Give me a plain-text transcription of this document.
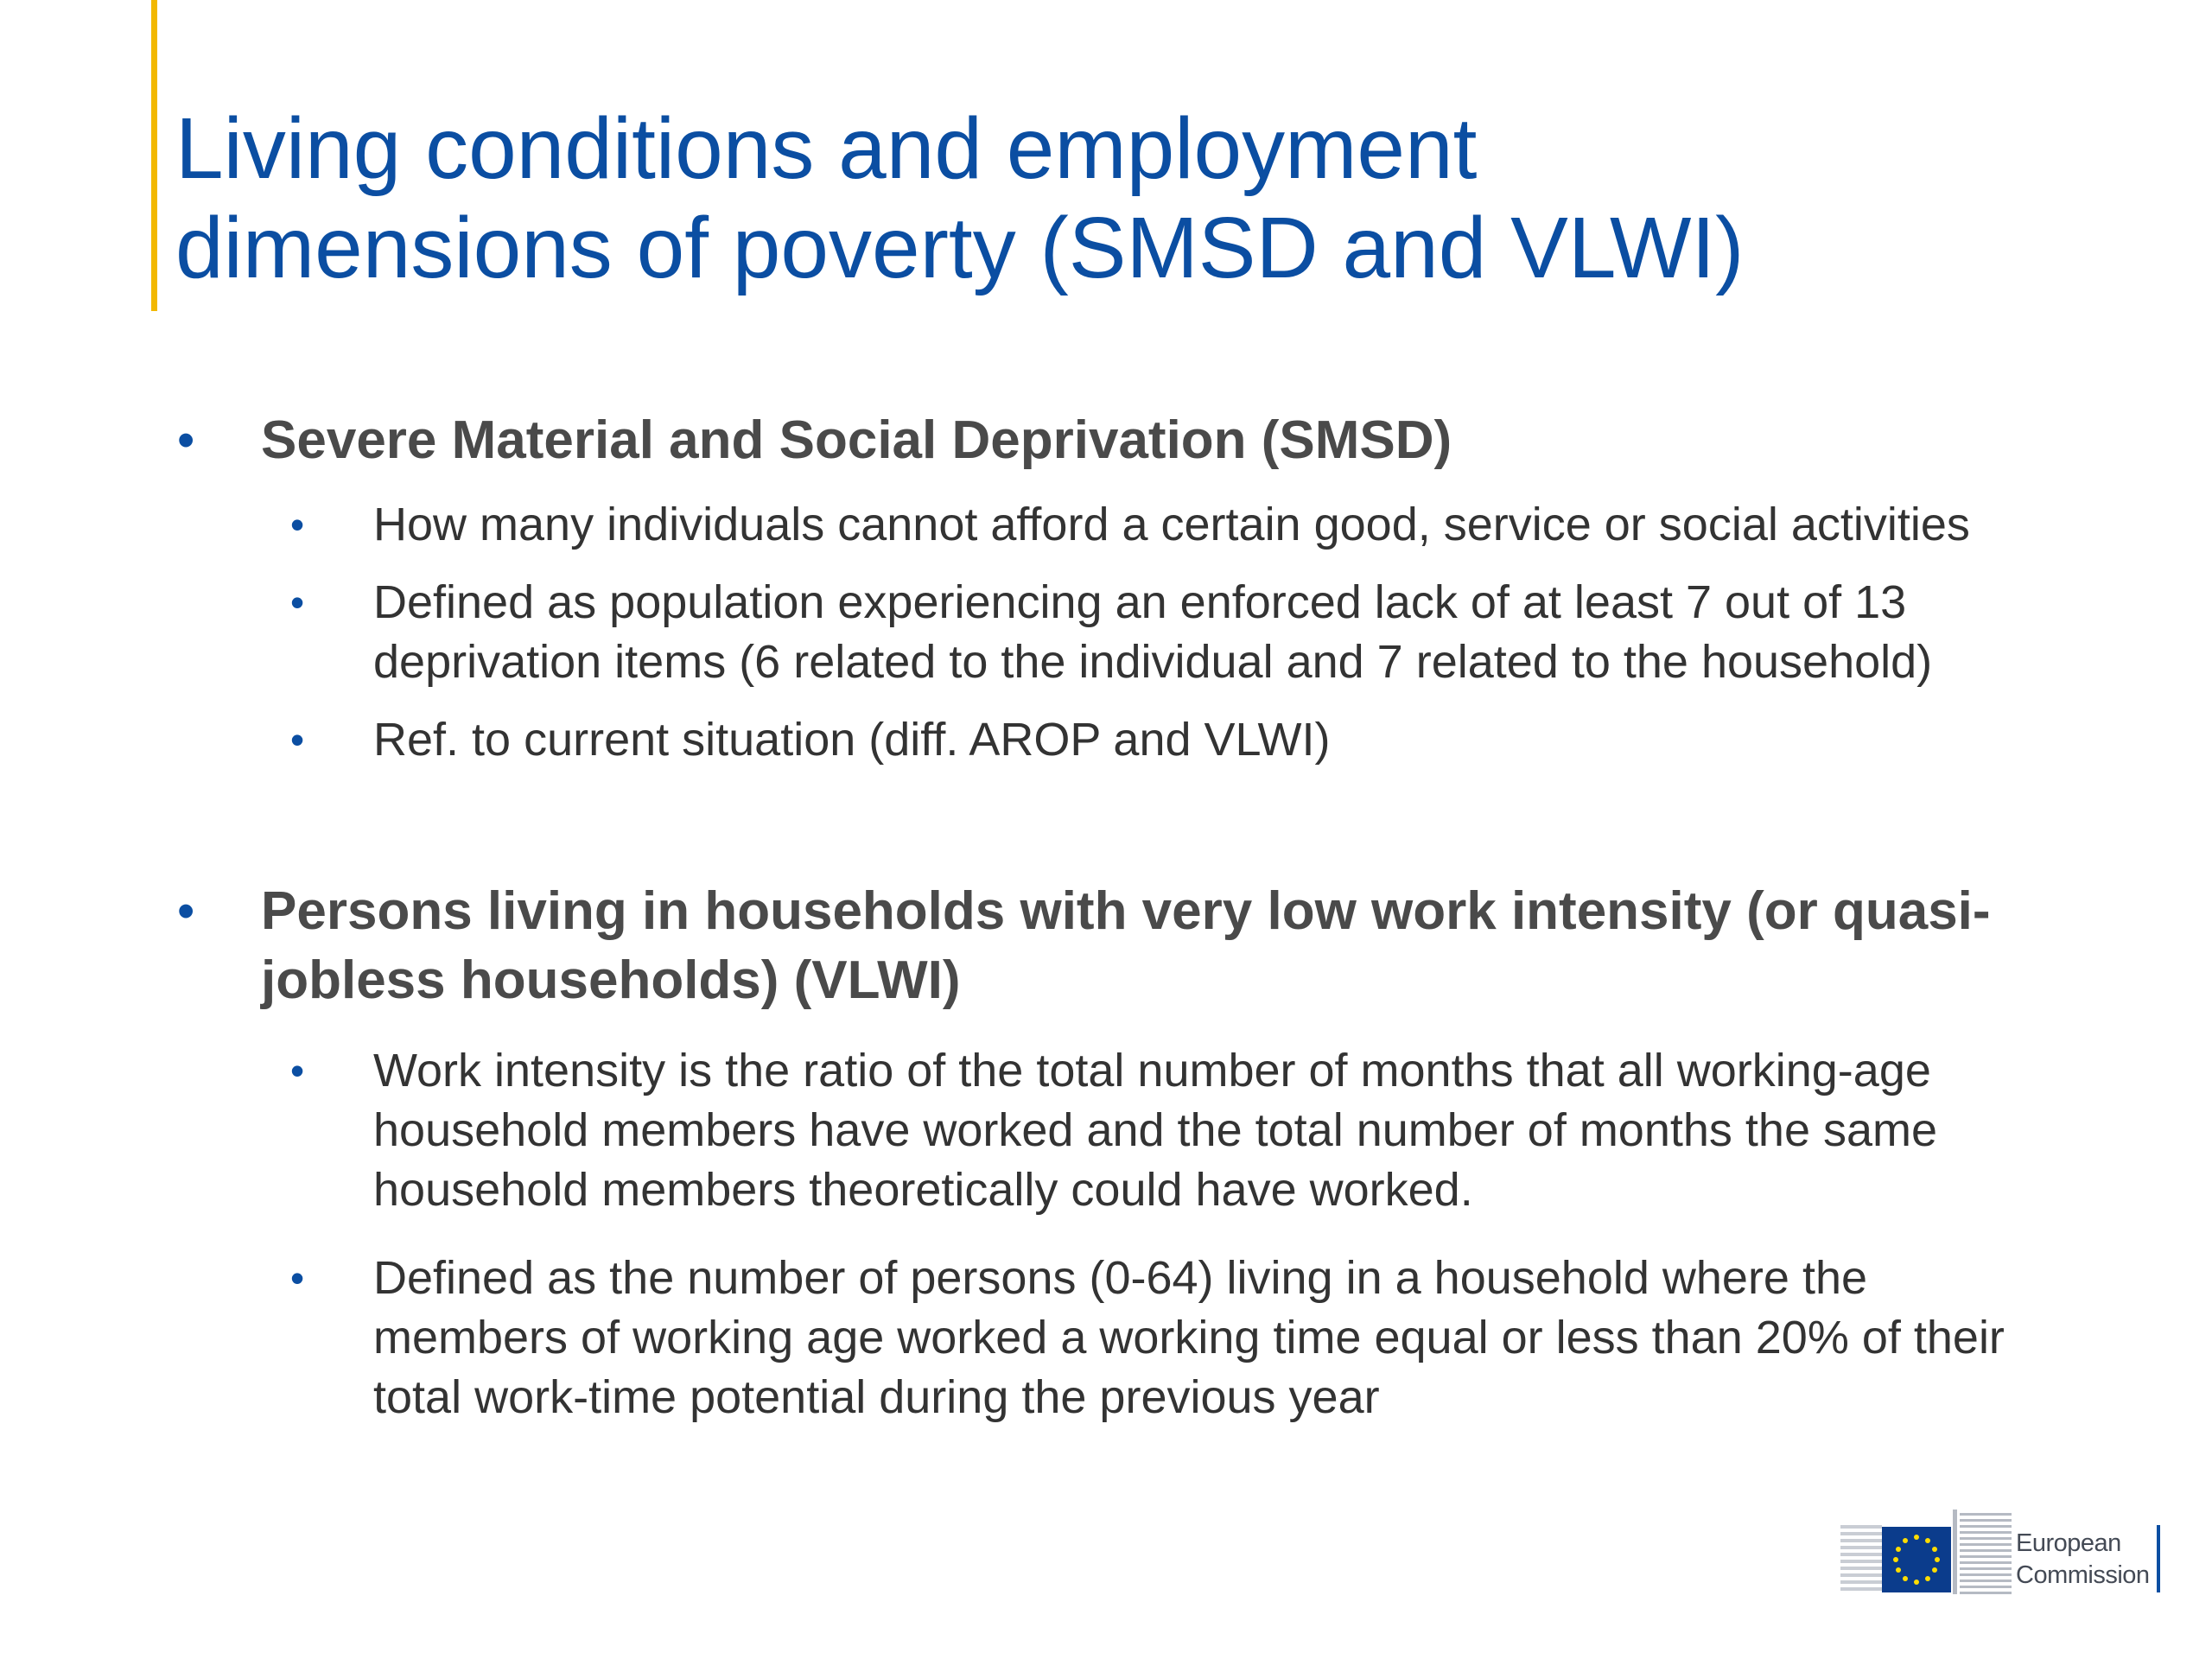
Living conditions and employment
dimensions of poverty (SMSD and VLWI)
• Severe Material and Social Deprivation (SMSD)
• How many individuals cannot afford a certain good, service or social activities
• Defined as population experiencing an enforced lack of at least 7 out of 13
deprivation items (6 related to the individual and 7 related to the household)
• Ref. to current situation (diff. AROP and VLWI)
• Persons living in households with very low work intensity (or quasi-
jobless households) (VLWI)
• Work intensity is the ratio of the total number of months that all working-age
household members have worked and the total number of months the same
household members theoretically could have worked.
• Defined as the number of persons (0-64) living in a household where the
members of working age worked a working time equal or less than 20% of their
total work-time potential during the previous year
European
Commission
